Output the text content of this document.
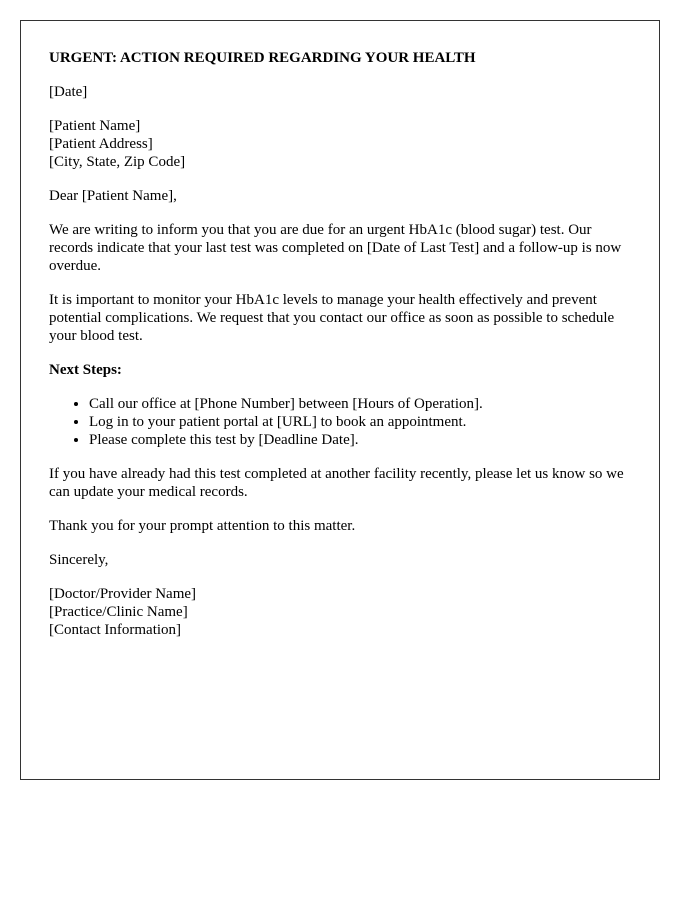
URGENT: ACTION REQUIRED REGARDING YOUR HEALTH
[Date]
[Patient Name]
[Patient Address]
[City, State, Zip Code]
Dear [Patient Name],
We are writing to inform you that you are due for an urgent HbA1c (blood sugar) test. Our records indicate that your last test was completed on [Date of Last Test] and a follow-up is now overdue.
It is important to monitor your HbA1c levels to manage your health effectively and prevent potential complications. We request that you contact our office as soon as possible to schedule your blood test.
Next Steps:
• Call our office at [Phone Number] between [Hours of Operation].
• Log in to your patient portal at [URL] to book an appointment.
• Please complete this test by [Deadline Date].
If you have already had this test completed at another facility recently, please let us know so we can update your medical records.
Thank you for your prompt attention to this matter.
Sincerely,
[Doctor/Provider Name]
[Practice/Clinic Name]
[Contact Information]
